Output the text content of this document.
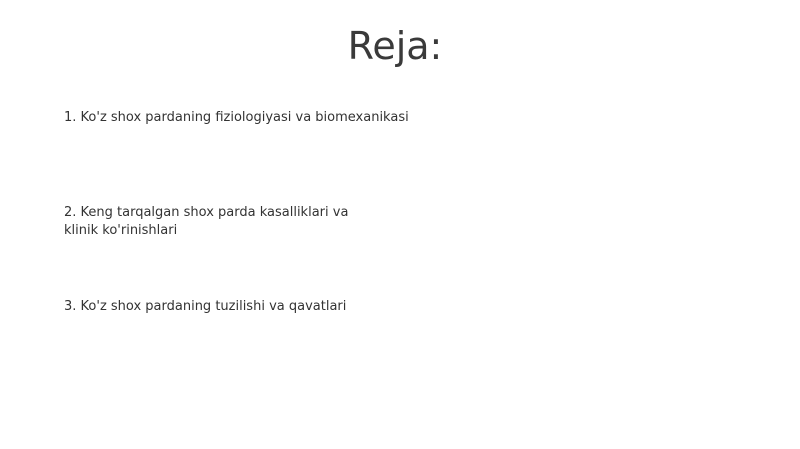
Reja:
1. Ko'z shox pardaning fiziologiyasi va biomexanikasi
2. Keng tarqalgan shox parda kasalliklari va klinik ko'rinishlari
3. Ko'z shox pardaning tuzilishi va qavatlari
